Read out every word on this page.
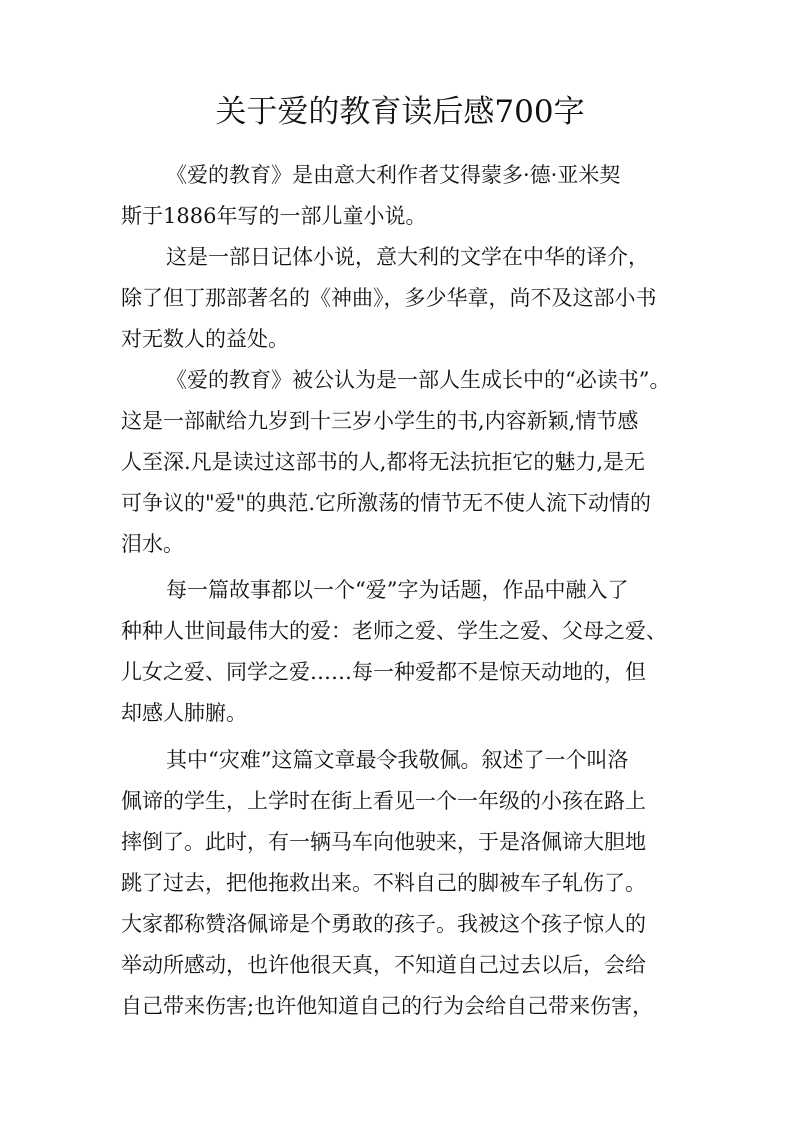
关于爱的教育读后感700字
《爱的教育》是由意大利作者艾得蒙多·德·亚米契
斯于1886年写的一部儿童小说。
这是一部日记体小说，意大利的文学在中华的译介，
除了但丁那部著名的《神曲》，多少华章，尚不及这部小书
对无数人的益处。
《爱的教育》被公认为是一部人生成长中的“必读书”。
这是一部献给九岁到十三岁小学生的书,内容新颖,情节感
人至深.凡是读过这部书的人,都将无法抗拒它的魅力,是无
可争议的"爱"的典范.它所激荡的情节无不使人流下动情的
泪水。
每一篇故事都以一个“爱”字为话题，作品中融入了
种种人世间最伟大的爱：老师之爱、学生之爱、父母之爱、
儿女之爱、同学之爱……每一种爱都不是惊天动地的，但
却感人肺腑。
其中“灾难”这篇文章最令我敬佩。叙述了一个叫洛
佩谛的学生，上学时在街上看见一个一年级的小孩在路上
摔倒了。此时，有一辆马车向他驶来，于是洛佩谛大胆地
跳了过去，把他拖救出来。不料自己的脚被车子轧伤了。
大家都称赞洛佩谛是个勇敢的孩子。我被这个孩子惊人的
举动所感动，也许他很天真，不知道自己过去以后，会给
自己带来伤害;也许他知道自己的行为会给自己带来伤害，
